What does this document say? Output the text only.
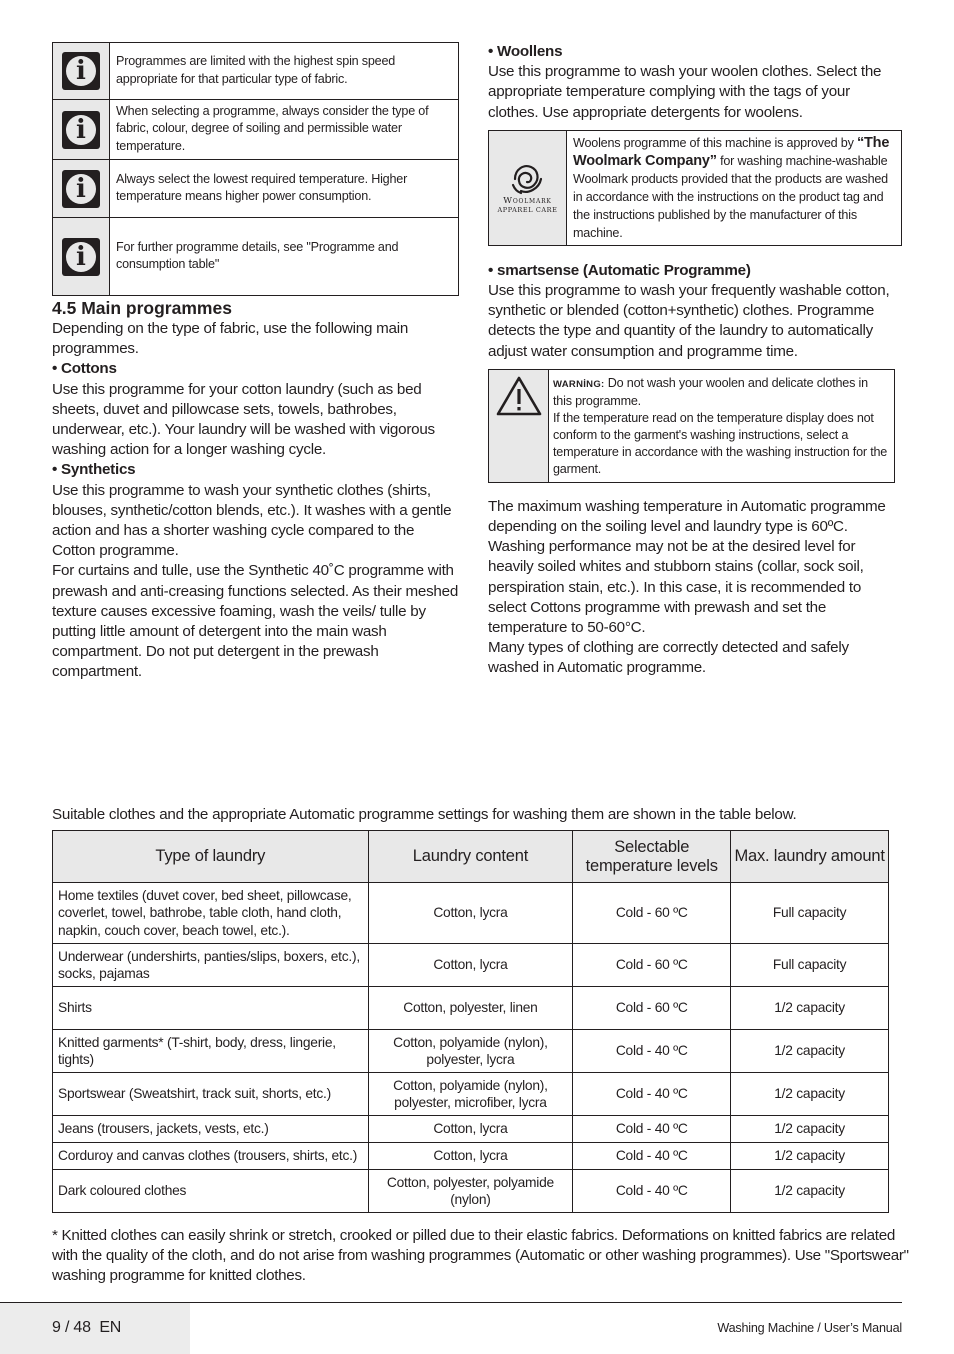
i	Programmes are limited with the highest spin speed appropriate for that particular type of fabric.
i	When selecting a programme, always consider the type of fabric, colour, degree of soiling and permissible water temperature.
i	Always select the lowest required temperature. Higher temperature means higher power consumption.
i	For further programme details, see "Programme and consumption table"

4.5 Main programmes

Depending on the type of fabric, use the following main programmes.

• Cottons

Use this programme for your cotton laundry (such as bed sheets, duvet and pillowcase sets, towels, bathrobes, underwear, etc.). Your laundry will be washed with vigorous washing action for a longer washing cycle.

• Synthetics

Use this programme to wash your synthetic clothes (shirts, blouses, synthetic/cotton blends, etc.). It washes with a gentle action and has a shorter washing cycle compared to the Cotton programme.

For curtains and tulle, use the Synthetic 40˚C programme with prewash and anti-creasing functions selected. As their meshed texture causes excessive foaming, wash the veils/ tulle by putting little amount of detergent into the main wash compartment. Do not put detergent in the prewash compartment.

• Woollens

Use this programme to wash your woolen clothes. Select the appropriate temperature complying with the tags of your clothes. Use appropriate detergents for woolens.

Woolmark
APPAREL CARE
Woolens programme of this machine is approved by “The Woolmark Company” for washing machine-washable Woolmark products provided that the products are washed in accordance with the instructions on the product tag and the instructions published by the manufacturer of this machine.

• smartsense (Automatic Programme)

Use this programme to wash your frequently washable cotton, synthetic or blended (cotton+synthetic) clothes. Programme detects the type and quantity of the laundry to automatically adjust water consumption and programme time.

WARNİNG: Do not wash your woolen and delicate clothes in this programme.
If the temperature read on the temperature display does not conform to the garment's washing instructions, select a temperature in accordance with the washing instruction for the garment.

The maximum washing temperature in Automatic programme depending on the soiling level and laundry type is 60ºC. Washing performance may not be at the desired level for heavily soiled whites and stubborn stains (collar, sock soil, perspiration stain, etc.). In this case, it is recommended to select Cottons programme with prewash and set the temperature to 50-60°C.

Many types of clothing are correctly detected and safely washed in Automatic programme.

Suitable clothes and the appropriate Automatic programme settings for washing them are shown in the table below.

Type of laundry	Laundry content	Selectable temperature levels	Max. laundry amount
Home textiles (duvet cover, bed sheet, pillowcase, coverlet, towel, bathrobe, table cloth, hand cloth, napkin, couch cover, beach towel, etc.).	Cotton, lycra	Cold - 60 ºC	Full capacity
Underwear (undershirts, panties/slips, boxers, etc.), socks, pajamas	Cotton, lycra	Cold - 60 ºC	Full capacity
Shirts	Cotton, polyester, linen	Cold - 60 ºC	1/2 capacity
Knitted garments* (T-shirt, body, dress, lingerie, tights)	Cotton, polyamide (nylon), polyester, lycra	Cold - 40 ºC	1/2 capacity
Sportswear (Sweatshirt, track suit, shorts, etc.)	Cotton, polyamide (nylon), polyester, microfiber, lycra	Cold - 40 ºC	1/2 capacity
Jeans (trousers, jackets, vests, etc.)	Cotton, lycra	Cold - 40 ºC	1/2 capacity
Corduroy and canvas clothes (trousers, shirts, etc.)	Cotton, lycra	Cold - 40 ºC	1/2 capacity
Dark coloured clothes	Cotton, polyester, polyamide (nylon)	Cold - 40 ºC	1/2 capacity

* Knitted clothes can easily shrink or stretch, crooked or pilled due to their elastic fabrics. Deformations on knitted fabrics are related with the quality of the cloth, and do not arise from washing programmes (Automatic or other washing programmes). Use "Sportswear" washing programme for knitted clothes.

9 / 48  EN	Washing Machine / User’s Manual
